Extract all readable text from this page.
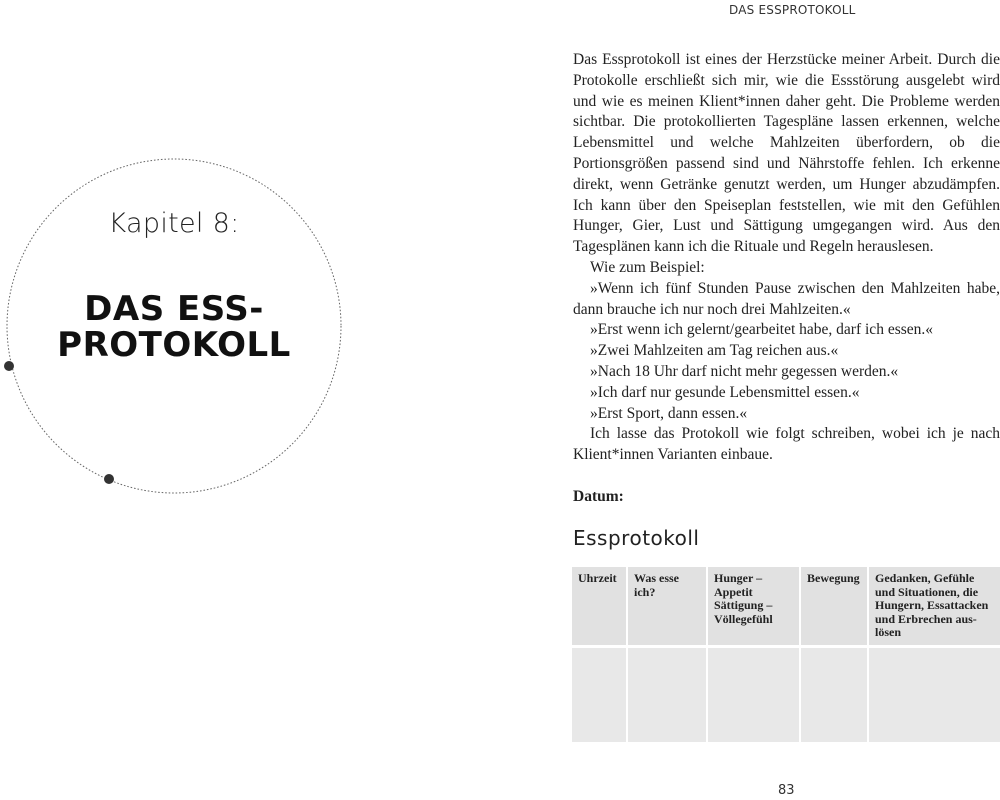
DAS ESSPROTOKOLL
Kapitel 8:
DAS ESS-
PROTOKOLL

Das Essprotokoll ist eines der Herzstücke meiner Arbeit. Durch die Protokolle erschließt sich mir, wie die Essstörung ausgelebt wird und wie es meinen Klient*innen daher geht. Die Probleme werden sichtbar. Die protokollierten Tagespläne lassen erkennen, welche Lebensmittel und welche Mahlzeiten überfordern, ob die Portionsgrößen passend sind und Nährstoffe fehlen. Ich erkenne direkt, wenn Getränke genutzt werden, um Hunger abzudämpfen. Ich kann über den Speiseplan feststellen, wie mit den Gefühlen Hunger, Gier, Lust und Sättigung umgegangen wird. Aus den Tagesplänen kann ich die Rituale und Regeln herauslesen.

Wie zum Beispiel:

»Wenn ich fünf Stunden Pause zwischen den Mahlzeiten habe, dann brauche ich nur noch drei Mahlzeiten.«

»Erst wenn ich gelernt/gearbeitet habe, darf ich essen.«

»Zwei Mahlzeiten am Tag reichen aus.«

»Nach 18 Uhr darf nicht mehr gegessen werden.«

»Ich darf nur gesunde Lebensmittel essen.«

»Erst Sport, dann essen.«

Ich lasse das Protokoll wie folgt schreiben, wobei ich je nach Klient*innen Varianten einbaue.

Datum:
Essprotokoll
Uhrzeit	Was esse ich?	Hunger – Appetit Sättigung – Völlegefühl	Bewegung	Gedanken, Gefühle und Situationen, die Hungern, Essattacken und Erbrechen aus-lösen

83
